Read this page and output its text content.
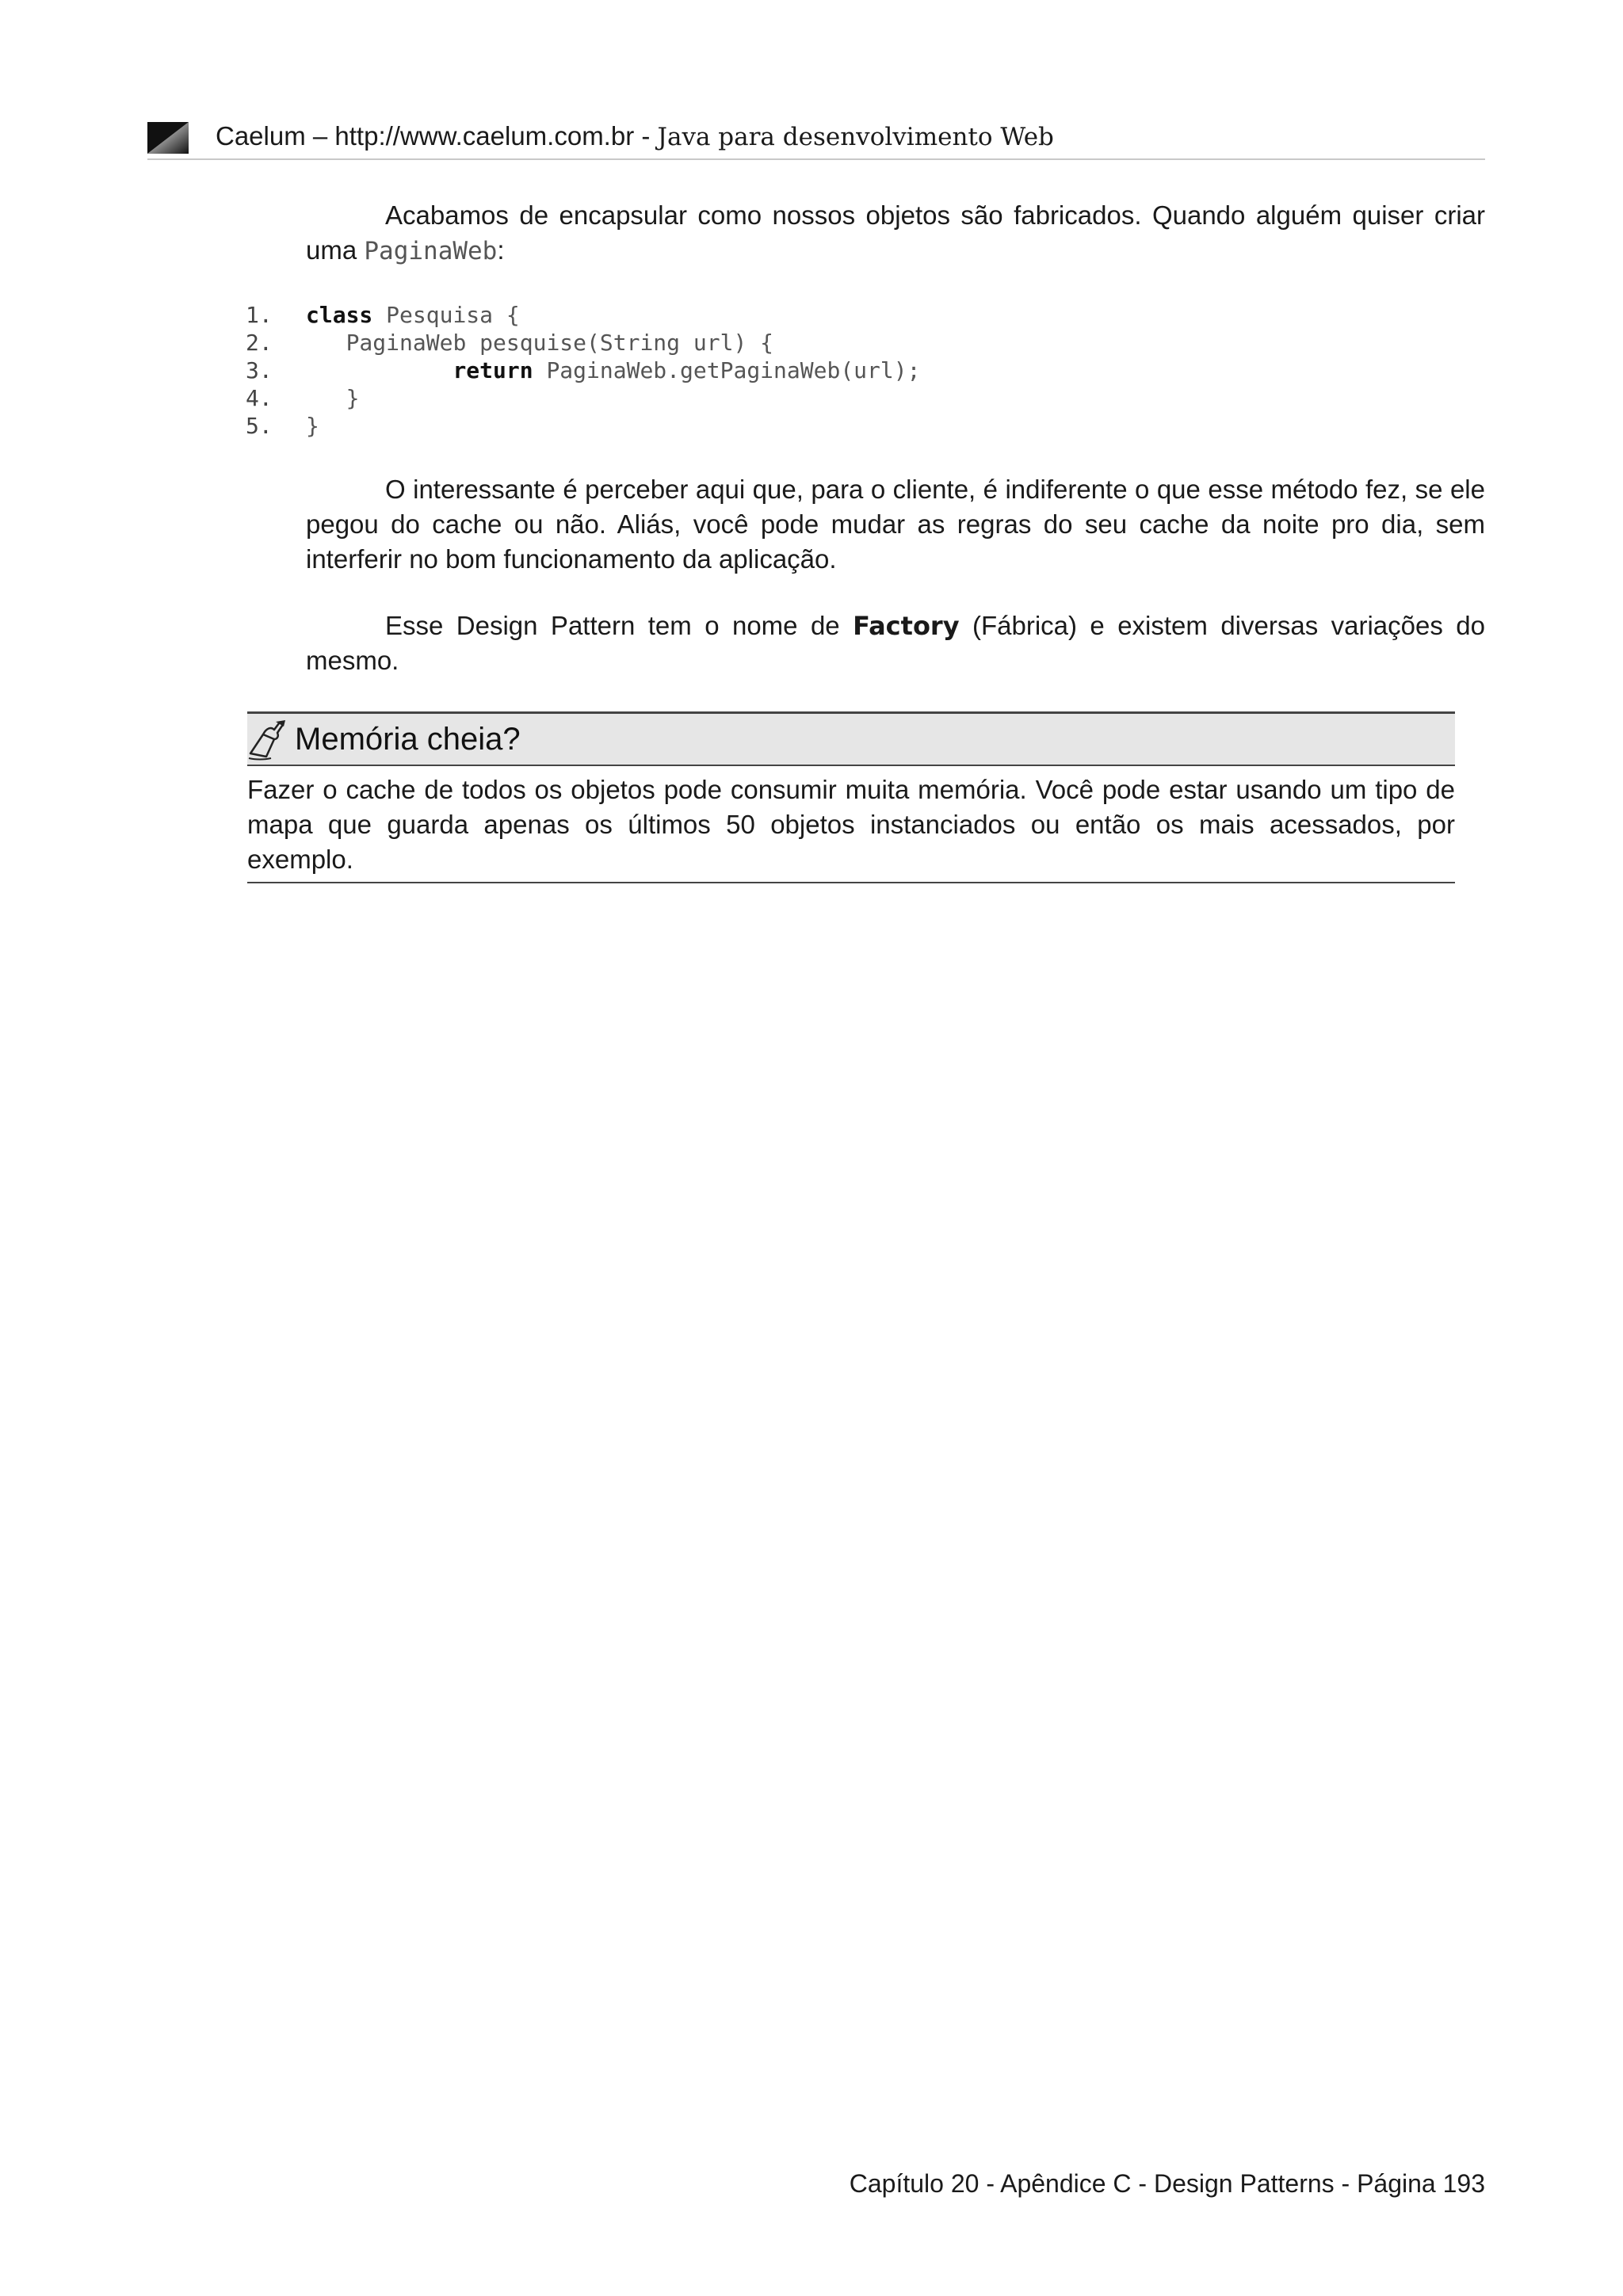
Caelum – http://www.caelum.com.br - Java para desenvolvimento Web

Acabamos de encapsular como nossos objetos são fabricados. Quando alguém quiser criar uma PaginaWeb:

1. class Pesquisa {
2.	PaginaWeb pesquise(String url) {
3.	return PaginaWeb.getPaginaWeb(url);
4.	}
5. }

O interessante é perceber aqui que, para o cliente, é indiferente o que esse método fez, se ele pegou do cache ou não. Aliás, você pode mudar as regras do seu cache da noite pro dia, sem interferir no bom funcionamento da aplicação.

Esse Design Pattern tem o nome de Factory (Fábrica) e existem diversas variações do mesmo.

Memória cheia?

Fazer o cache de todos os objetos pode consumir muita memória. Você pode estar usando um tipo de mapa que guarda apenas os últimos 50 objetos instanciados ou então os mais acessados, por exemplo.

Capítulo 20 - Apêndice C - Design Patterns - Página 193
